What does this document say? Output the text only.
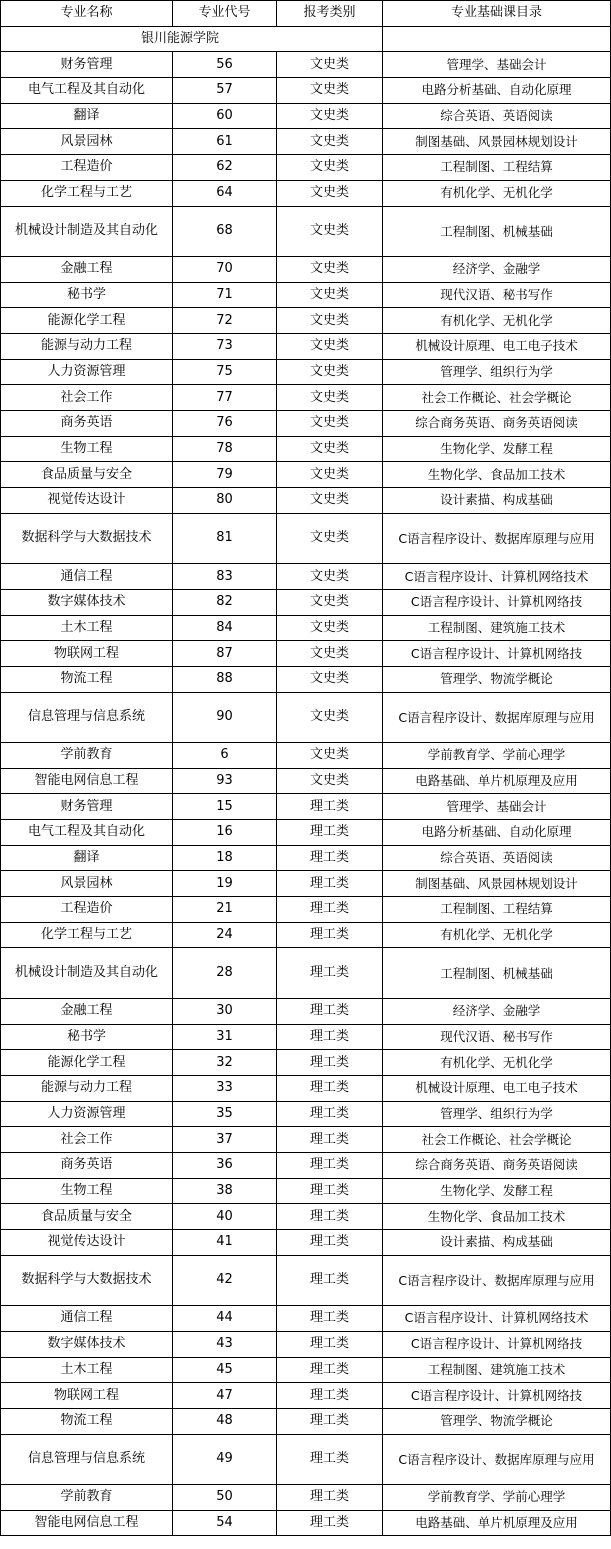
专业名称	专业代号	报考类别	专业基础课目录
银川能源学院			
财务管理	56	文史类	管理学、基础会计
电气工程及其自动化	57	文史类	电路分析基础、自动化原理
翻译	60	文史类	综合英语、英语阅读
风景园林	61	文史类	制图基础、风景园林规划设计
工程造价	62	文史类	工程制图、工程结算
化学工程与工艺	64	文史类	有机化学、无机化学
机械设计制造及其自动化	68	文史类	工程制图、机械基础
金融工程	70	文史类	经济学、金融学
秘书学	71	文史类	现代汉语、秘书写作
能源化学工程	72	文史类	有机化学、无机化学
能源与动力工程	73	文史类	机械设计原理、电工电子技术
人力资源管理	75	文史类	管理学、组织行为学
社会工作	77	文史类	社会工作概论、社会学概论
商务英语	76	文史类	综合商务英语、商务英语阅读
生物工程	78	文史类	生物化学、发酵工程
食品质量与安全	79	文史类	生物化学、食品加工技术
视觉传达设计	80	文史类	设计素描、构成基础
数据科学与大数据技术	81	文史类	C语言程序设计、数据库原理与应用
通信工程	83	文史类	C语言程序设计、计算机网络技术
数字媒体技术	82	文史类	C语言程序设计、计算机网络技
土木工程	84	文史类	工程制图、建筑施工技术
物联网工程	87	文史类	C语言程序设计、计算机网络技
物流工程	88	文史类	管理学、物流学概论
信息管理与信息系统	90	文史类	C语言程序设计、数据库原理与应用
学前教育	6	文史类	学前教育学、学前心理学
智能电网信息工程	93	文史类	电路基础、单片机原理及应用
财务管理	15	理工类	管理学、基础会计
电气工程及其自动化	16	理工类	电路分析基础、自动化原理
翻译	18	理工类	综合英语、英语阅读
风景园林	19	理工类	制图基础、风景园林规划设计
工程造价	21	理工类	工程制图、工程结算
化学工程与工艺	24	理工类	有机化学、无机化学
机械设计制造及其自动化	28	理工类	工程制图、机械基础
金融工程	30	理工类	经济学、金融学
秘书学	31	理工类	现代汉语、秘书写作
能源化学工程	32	理工类	有机化学、无机化学
能源与动力工程	33	理工类	机械设计原理、电工电子技术
人力资源管理	35	理工类	管理学、组织行为学
社会工作	37	理工类	社会工作概论、社会学概论
商务英语	36	理工类	综合商务英语、商务英语阅读
生物工程	38	理工类	生物化学、发酵工程
食品质量与安全	40	理工类	生物化学、食品加工技术
视觉传达设计	41	理工类	设计素描、构成基础
数据科学与大数据技术	42	理工类	C语言程序设计、数据库原理与应用
通信工程	44	理工类	C语言程序设计、计算机网络技术
数字媒体技术	43	理工类	C语言程序设计、计算机网络技
土木工程	45	理工类	工程制图、建筑施工技术
物联网工程	47	理工类	C语言程序设计、计算机网络技
物流工程	48	理工类	管理学、物流学概论
信息管理与信息系统	49	理工类	C语言程序设计、数据库原理与应用
学前教育	50	理工类	学前教育学、学前心理学
智能电网信息工程	54	理工类	电路基础、单片机原理及应用
